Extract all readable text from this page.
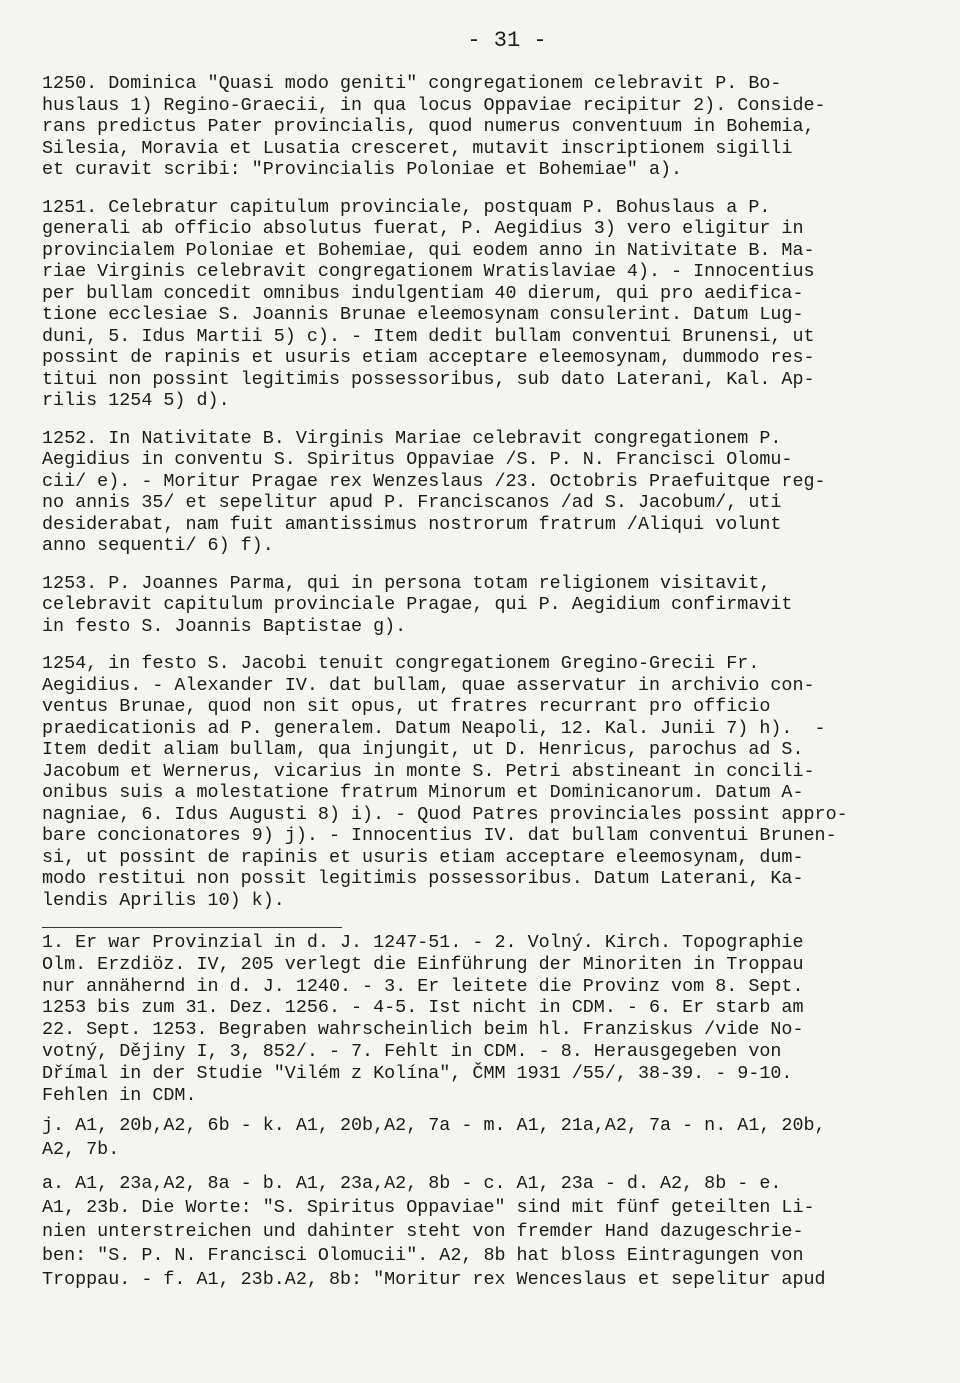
- 31 -
1250. Dominica "Quasi modo geniti" congregationem celebravit P. Bo-
huslaus 1) Regino-Graecii, in qua locus Oppaviae recipitur 2). Conside-
rans predictus Pater provincialis, quod numerus conventuum in Bohemia,
Silesia, Moravia et Lusatia cresceret, mutavit inscriptionem sigilli
et curavit scribi: "Provincialis Poloniae et Bohemiae" a).
1251. Celebratur capitulum provinciale, postquam P. Bohuslaus a P.
generali ab officio absolutus fuerat, P. Aegidius 3) vero eligitur in
provincialem Poloniae et Bohemiae, qui eodem anno in Nativitate B. Ma-
riae Virginis celebravit congregationem Wratislaviae 4). - Innocentius
per bullam concedit omnibus indulgentiam 40 dierum, qui pro aedifica-
tione ecclesiae S. Joannis Brunae eleemosynam consulerint. Datum Lug-
duni, 5. Idus Martii 5) c). - Item dedit bullam conventui Brunensi, ut
possint de rapinis et usuris etiam acceptare eleemosynam, dummodo res-
titui non possint legitimis possessoribus, sub dato Laterani, Kal. Ap-
rilis 1254 5) d).
1252. In Nativitate B. Virginis Mariae celebravit congregationem P.
Aegidius in conventu S. Spiritus Oppaviae /S. P. N. Francisci Olomu-
cii/ e). - Moritur Pragae rex Wenzeslaus /23. Octobris Praefuitque reg-
no annis 35/ et sepelitur apud P. Franciscanos /ad S. Jacobum/, uti
desiderabat, nam fuit amantissimus nostrorum fratrum /Aliqui volunt
anno sequenti/ 6) f).
1253. P. Joannes Parma, qui in persona totam religionem visitavit,
celebravit capitulum provinciale Pragae, qui P. Aegidium confirmavit
in festo S. Joannis Baptistae g).
1254, in festo S. Jacobi tenuit congregationem Gregino-Grecii Fr.
Aegidius. - Alexander IV. dat bullam, quae asservatur in archivio con-
ventus Brunae, quod non sit opus, ut fratres recurrant pro officio
praedicationis ad P. generalem. Datum Neapoli, 12. Kal. Junii 7) h).  -
Item dedit aliam bullam, qua injungit, ut D. Henricus, parochus ad S.
Jacobum et Wernerus, vicarius in monte S. Petri abstineant in concili-
onibus suis a molestatione fratrum Minorum et Dominicanorum. Datum A-
nagniae, 6. Idus Augusti 8) i). - Quod Patres provinciales possint appro-
bare concionatores 9) j). - Innocentius IV. dat bullam conventui Brunen-
si, ut possint de rapinis et usuris etiam acceptare eleemosynam, dum-
modo restitui non possit legitimis possessoribus. Datum Laterani, Ka-
lendis Aprilis 10) k).
1. Er war Provinzial in d. J. 1247-51. - 2. Volný. Kirch. Topographie
Olm. Erzdiöz. IV, 205 verlegt die Einführung der Minoriten in Troppau
nur annähernd in d. J. 1240. - 3. Er leitete die Provinz vom 8. Sept.
1253 bis zum 31. Dez. 1256. - 4-5. Ist nicht in CDM. - 6. Er starb am
22. Sept. 1253. Begraben wahrscheinlich beim hl. Franziskus /vide No-
votný, Dějiny I, 3, 852/. - 7. Fehlt in CDM. - 8. Herausgegeben von
Dřímal in der Studie "Vilém z Kolína", ČMM 1931 /55/, 38-39. - 9-10.
Fehlen in CDM.
j. A1, 20b,A2, 6b - k. A1, 20b,A2, 7a - m. A1, 21a,A2, 7a - n. A1, 20b,
A2, 7b.
a. A1, 23a,A2, 8a - b. A1, 23a,A2, 8b - c. A1, 23a - d. A2, 8b - e.
A1, 23b. Die Worte: "S. Spiritus Oppaviae" sind mit fünf geteilten Li-
nien unterstreichen und dahinter steht von fremder Hand dazugeschrie-
ben: "S. P. N. Francisci Olomucii". A2, 8b hat bloss Eintragungen von
Troppau. - f. A1, 23b.A2, 8b: "Moritur rex Wenceslaus et sepelitur apud
